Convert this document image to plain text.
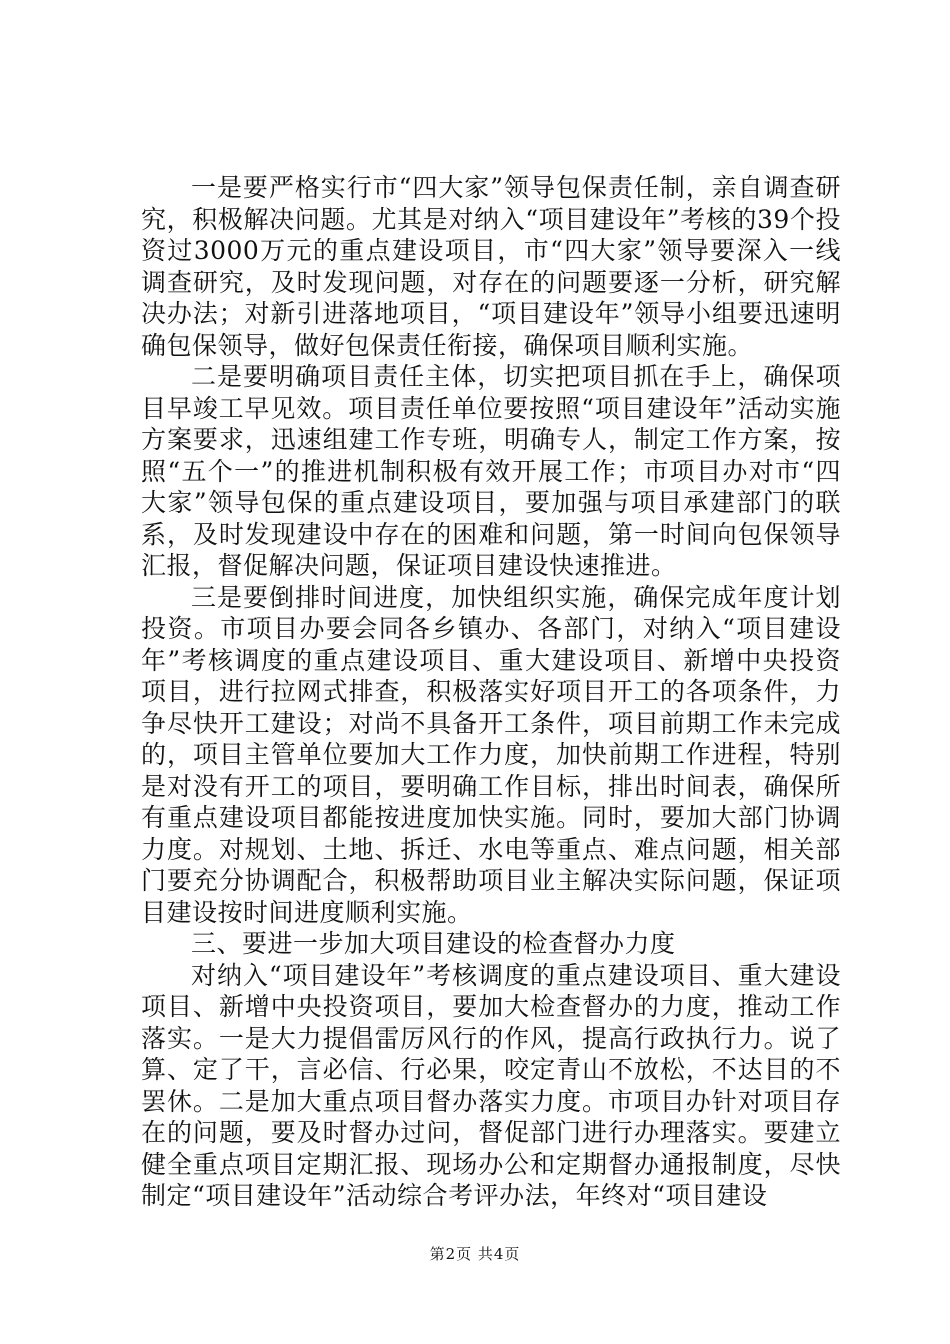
一是要严格实行市“四大家”领导包保责任制，亲自调查研究，积极解决问题。尤其是对纳入“项目建设年”考核的39个投资过3000万元的重点建设项目，市“四大家”领导要深入一线调查研究，及时发现问题，对存在的问题要逐一分析，研究解决办法；对新引进落地项目，“项目建设年”领导小组要迅速明确包保领导，做好包保责任衔接，确保项目顺利实施。

二是要明确项目责任主体，切实把项目抓在手上，确保项目早竣工早见效。项目责任单位要按照“项目建设年”活动实施方案要求，迅速组建工作专班，明确专人，制定工作方案，按照“五个一”的推进机制积极有效开展工作；市项目办对市“四大家”领导包保的重点建设项目，要加强与项目承建部门的联系，及时发现建设中存在的困难和问题，第一时间向包保领导汇报，督促解决问题，保证项目建设快速推进。

三是要倒排时间进度，加快组织实施，确保完成年度计划投资。市项目办要会同各乡镇办、各部门，对纳入“项目建设年”考核调度的重点建设项目、重大建设项目、新增中央投资项目，进行拉网式排查，积极落实好项目开工的各项条件，力争尽快开工建设；对尚不具备开工条件，项目前期工作未完成的，项目主管单位要加大工作力度，加快前期工作进程，特别是对没有开工的项目，要明确工作目标，排出时间表，确保所有重点建设项目都能按进度加快实施。同时，要加大部门协调力度。对规划、土地、拆迁、水电等重点、难点问题，相关部门要充分协调配合，积极帮助项目业主解决实际问题，保证项目建设按时间进度顺利实施。

三、要进一步加大项目建设的检查督办力度

对纳入“项目建设年”考核调度的重点建设项目、重大建设项目、新增中央投资项目，要加大检查督办的力度，推动工作落实。一是大力提倡雷厉风行的作风，提高行政执行力。说了算、定了干，言必信、行必果，咬定青山不放松，不达目的不罢休。二是加大重点项目督办落实力度。市项目办针对项目存在的问题，要及时督办过问，督促部门进行办理落实。要建立健全重点项目定期汇报、现场办公和定期督办通报制度，尽快制定“项目建设年”活动综合考评办法，年终对“项目建设

第2页 共4页
